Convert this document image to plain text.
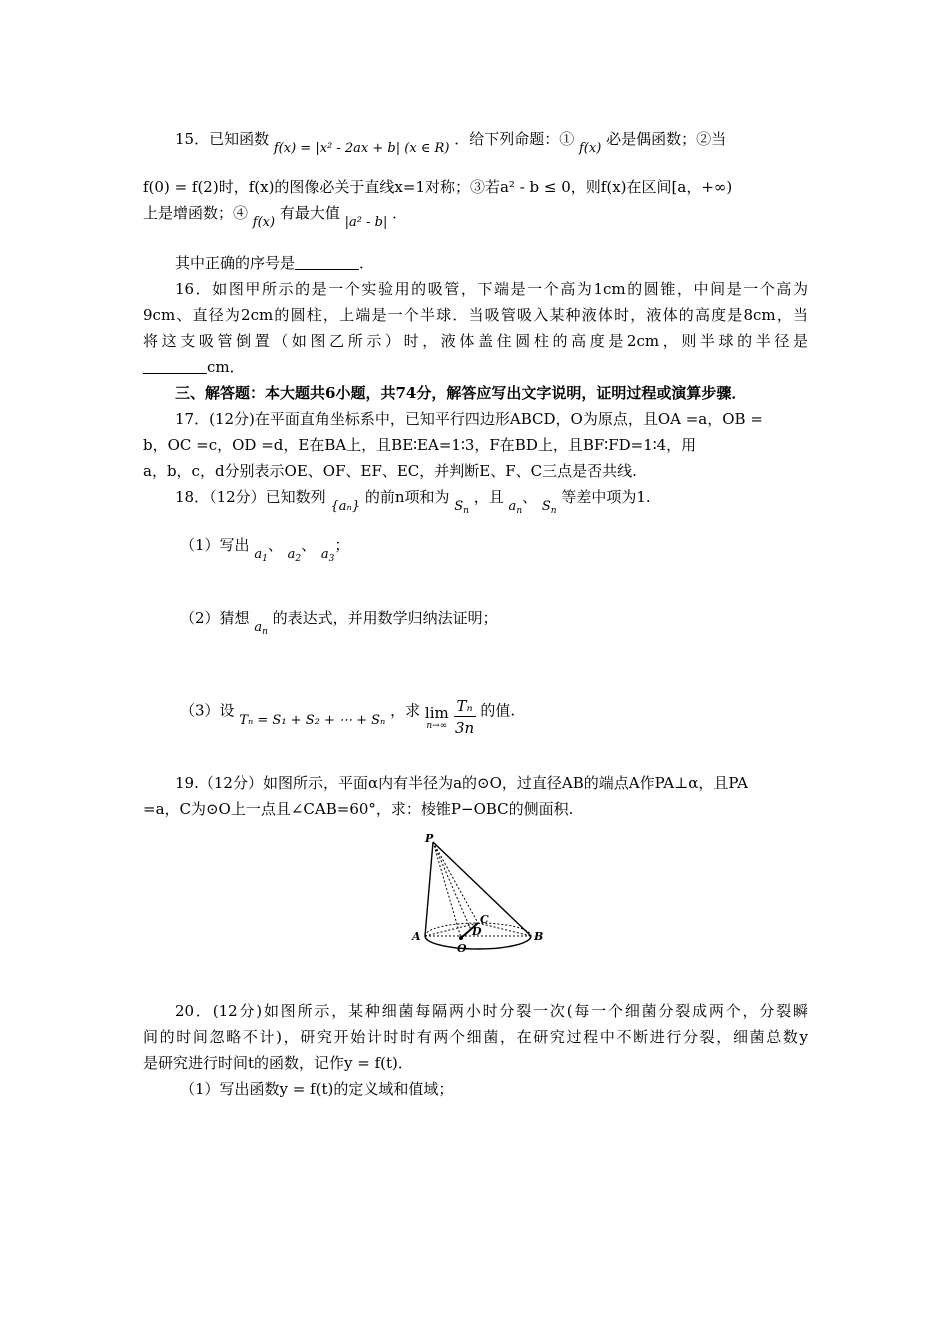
15．已知函数 f(x) = |x² - 2ax + b| (x ∈ R) ．给下列命题：① f(x) 必是偶函数；②当
f(0) = f(2)时，f(x)的图像必关于直线x=1对称；③若a² - b ≤ 0，则f(x)在区间[a，+∞)
上是增函数；④ f(x) 有最大值 |a² - b| ．
其中正确的序号是	．
16．如图甲所示的是一个实验用的吸管，下端是一个高为1cm的圆锥，中间是一个高为
9cm、直径为2cm的圆柱，上端是一个半球．当吸管吸入某种液体时，液体的高度是8cm，当
将这支吸管倒置（如图乙所示）时，液体盖住圆柱的高度是2cm，则半球的半径是
cm．
三、解答题：本大题共6小题，共74分，解答应写出文字说明，证明过程或演算步骤．
17．(12分)在平面直角坐标系中，已知平行四边形ABCD，O为原点，且OA =a，OB =
b，OC =c，OD =d，E在BA上，且BE∶EA=1∶3，F在BD上，且BF∶FD=1∶4，用
a，b，c，d分别表示OE、OF、EF、EC，并判断E、F、C三点是否共线.
18．（12分）已知数列 {aₙ} 的前n项和为 $S_n$ ，且 $a_n$、 $S_n$ 等差中项为1.
（1）写出 $a_1$、 $a_2$、 $a_3$；
（2）猜想 $a_n$ 的表达式，并用数学归纳法证明；
（3）设 Tₙ = S₁ + S₂ + ⋯ + Sₙ ，求 lim
n→∞
$\frac{\text{Tₙ}}{3n}$ 的值.
19.（12分）如图所示，平面α内有半径为a的⊙O，过直径AB的端点A作PA⊥α，且PA
=a，C为⊙O上一点且∠CAB=60°，求：棱锥P−OBC的侧面积.
P
A	B
C
D
O
20．(12分)如图所示，某种细菌每隔两小时分裂一次(每一个细菌分裂成两个，分裂瞬
间的时间忽略不计)，研究开始计时时有两个细菌，在研究过程中不断进行分裂，细菌总数y
是研究进行时间t的函数，记作y = f(t)．
（1）写出函数y = f(t)的定义域和值域；
